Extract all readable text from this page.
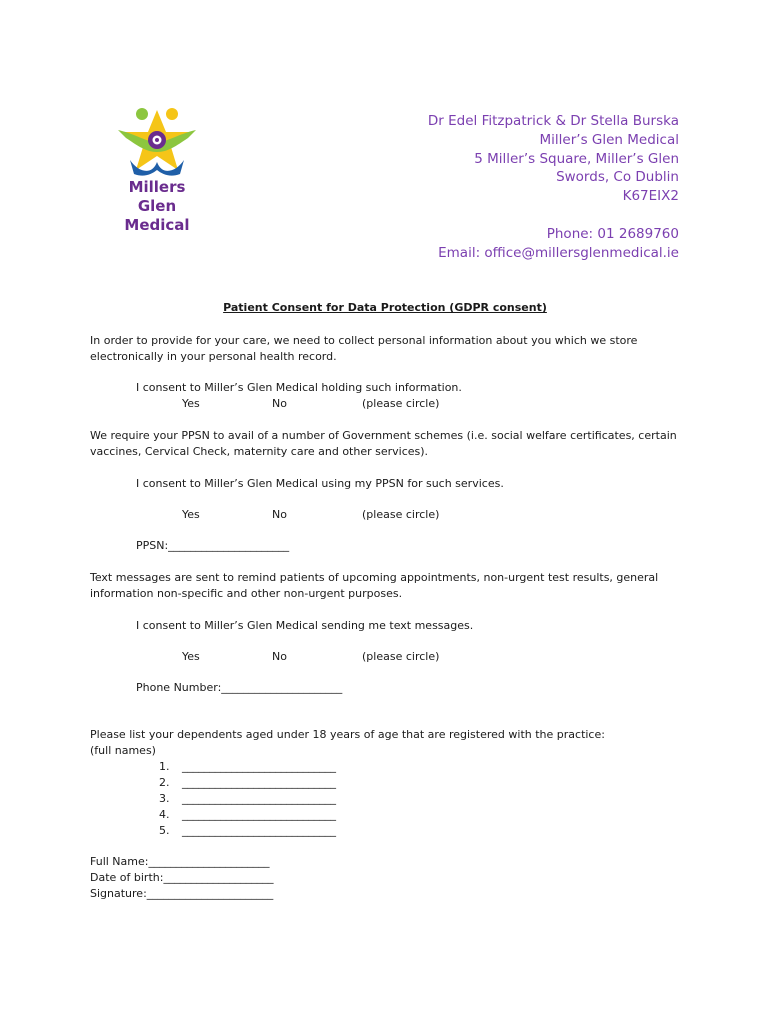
Millers Glen
Medical
Dr Edel Fitzpatrick & Dr Stella Burska
Miller’s Glen Medical
5 Miller’s Square, Miller’s Glen
Swords, Co Dublin
K67EIX2
Phone: 01 2689760
Email: office@millersglenmedical.ie
Patient Consent for Data Protection (GDPR consent)
In order to provide for your care, we need to collect personal information about you which we store electronically in your personal health record.
I consent to Miller’s Glen Medical holding such information.
Yes	No	(please circle)
We require your PPSN to avail of a number of Government schemes (i.e. social welfare certificates, certain vaccines, Cervical Check, maternity care and other services).
I consent to Miller’s Glen Medical using my PPSN for such services.
Yes	No	(please circle)
PPSN:______________________
Text messages are sent to remind patients of upcoming appointments, non-urgent test results, general information non-specific and other non-urgent purposes.
I consent to Miller’s Glen Medical sending me text messages.
Yes	No	(please circle)
Phone Number:______________________
Please list your dependents aged under 18 years of age that are registered with the practice:
(full names)
1. ____________________________
2. ____________________________
3. ____________________________
4. ____________________________
5. ____________________________
Full Name:______________________
Date of birth:____________________
Signature:_______________________
